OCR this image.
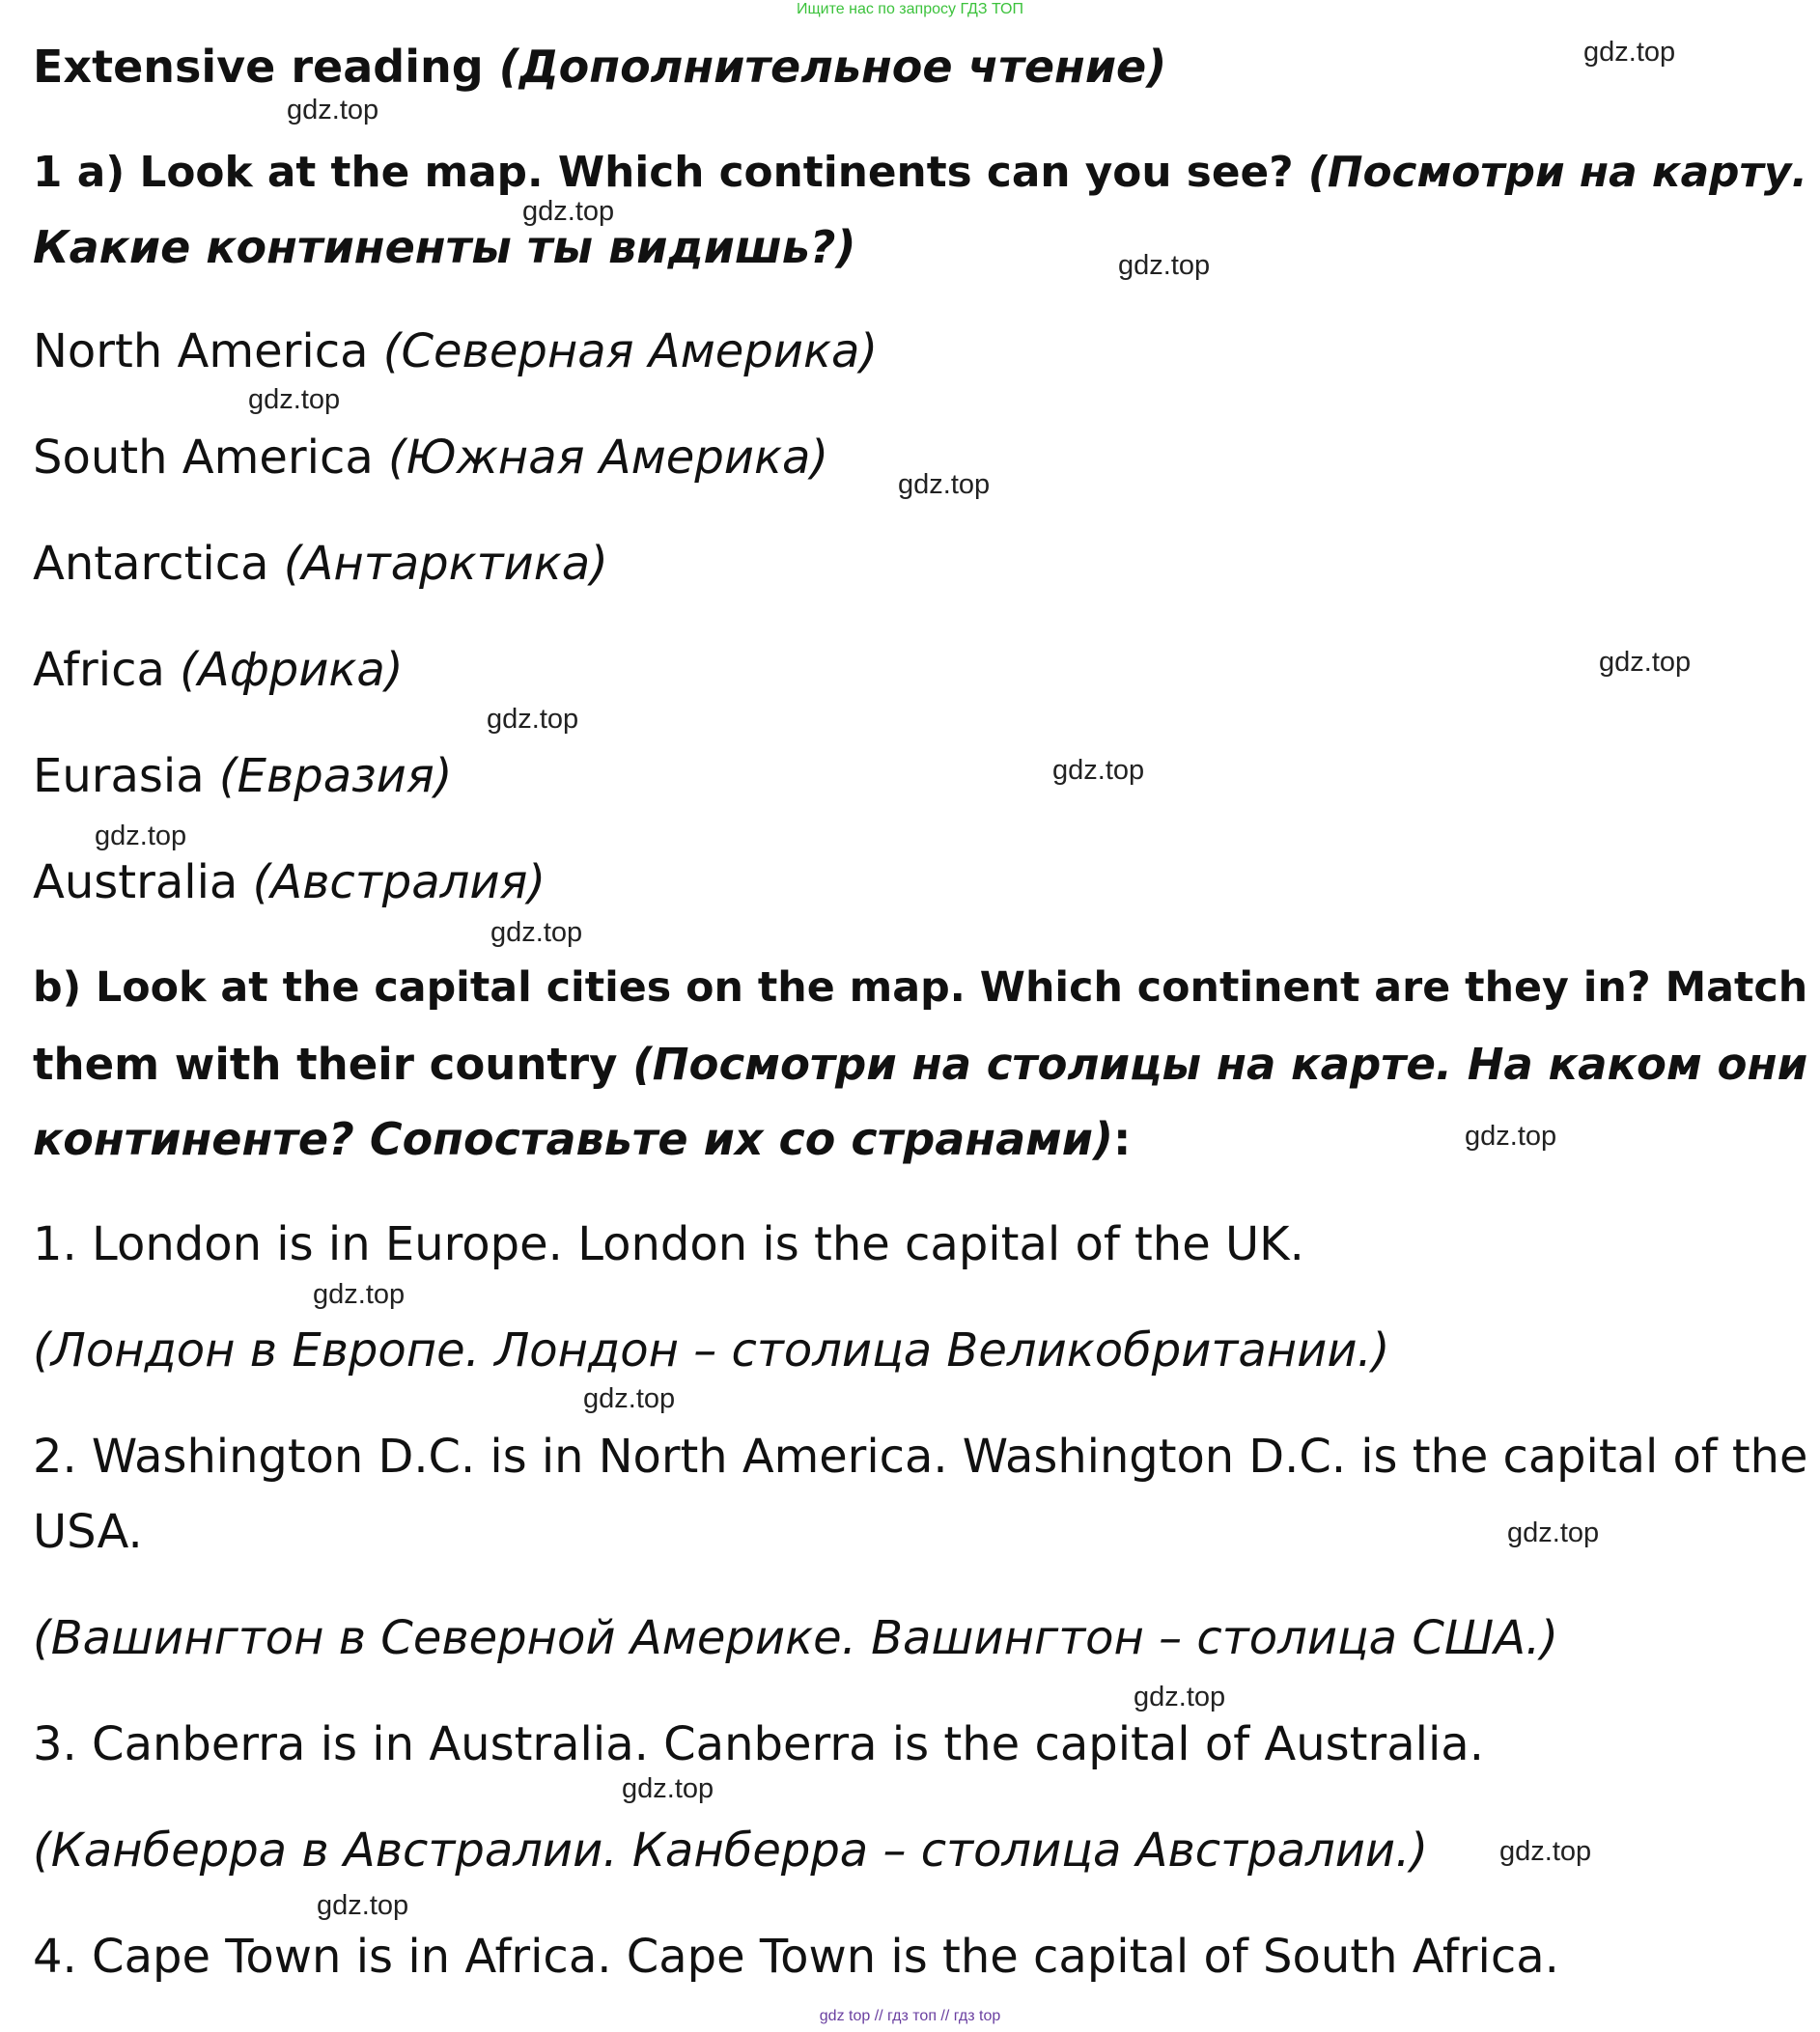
Ищите нас по запросу ГДЗ ТОП
Extensive reading (Дополнительное чтение)
1 a) Look at the map. Which continents can you see? (Посмотри на карту.
Какие континенты ты видишь?)
North America (Северная Америка)
South America (Южная Америка)
Antarctica (Антарктика)
Africa (Африка)
Eurasia (Евразия)
Australia (Австралия)
b) Look at the capital cities on the map. Which continent are they in? Match
them with their country (Посмотри на столицы на карте. На каком они
континенте? Сопоставьте их со странами):
1. London is in Europe. London is the capital of the UK.
(Лондон в Европе. Лондон – столица Великобритании.)
2. Washington D.C. is in North America. Washington D.C. is the capital of the
USA.
(Вашингтон в Северной Америке. Вашингтон – столица США.)
3. Canberra is in Australia. Canberra is the capital of Australia.
(Канберра в Австралии. Канберра – столица Австралии.)
4. Cape Town is in Africa. Cape Town is the capital of South Africa.
gdz.top
gdz.top
gdz.top
gdz.top
gdz.top
gdz.top
gdz.top
gdz.top
gdz.top
gdz.top
gdz.top
gdz.top
gdz.top
gdz.top
gdz.top
gdz.top
gdz.top
gdz.top
gdz.top
gdz top // гдз топ // гдз top
